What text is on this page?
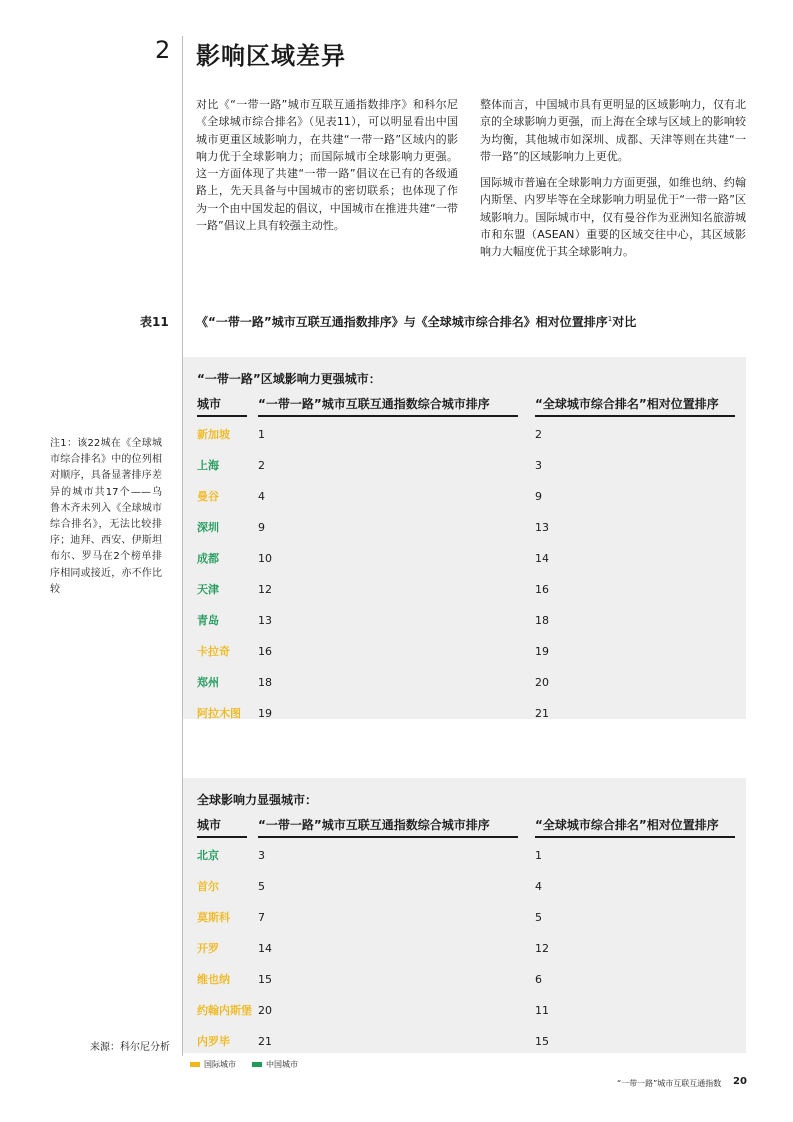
2 影响区域差异

对比《“一带一路”城市互联互通指数排序》和科尔尼《全球城市综合排名》（见表11），可以明显看出中国城市更重区域影响力，在共建“一带一路”区域内的影响力优于全球影响力；而国际城市全球影响力更强。这一方面体现了共建“一带一路”倡议在已有的各级通路上，先天具备与中国城市的密切联系；也体现了作为一个由中国发起的倡议，中国城市在推进共建“一带一路”倡议上具有较强主动性。

整体而言，中国城市具有更明显的区域影响力，仅有北京的全球影响力更强，而上海在全球与区域上的影响较为均衡，其他城市如深圳、成都、天津等则在共建“一带一路”的区域影响力上更优。

国际城市普遍在全球影响力方面更强，如维也纳、约翰内斯堡、内罗毕等在全球影响力明显优于“一带一路”区域影响力。国际城市中，仅有曼谷作为亚洲知名旅游城市和东盟（ASEAN）重要的区域交往中心，其区域影响力大幅度优于其全球影响力。

表11 《“一带一路”城市互联互通指数排序》与《全球城市综合排名》相对位置排序$^1$对比

注1：该22城在《全球城市综合排名》中的位列相对顺序，具备显著排序差异的城市共17个——乌鲁木齐未列入《全球城市综合排名》，无法比较排序；迪拜、西安、伊斯坦布尔、罗马在2个榜单排序相同或接近，亦不作比较

来源：科尔尼分析
“一带一路”区域影响力更强城市：
城市	“一带一路”城市互联互通指数综合城市排序	“全球城市综合排名”相对位置排序
新加坡	1	2
上海	2	3
曼谷	4	9
深圳	9	13
成都	10	14
天津	12	16
青岛	13	18
卡拉奇	16	19
郑州	18	20
阿拉木图 19	21
全球影响力显强城市：
城市	“一带一路”城市互联互通指数综合城市排序	“全球城市综合排名”相对位置排序
北京	3	1
首尔	5	4
莫斯科	7	5
开罗	14	12
维也纳	15	6
约翰内斯堡 20	11
内罗毕	21	15
国际城市	中国城市
“一带一路”城市互联互通指数 20
